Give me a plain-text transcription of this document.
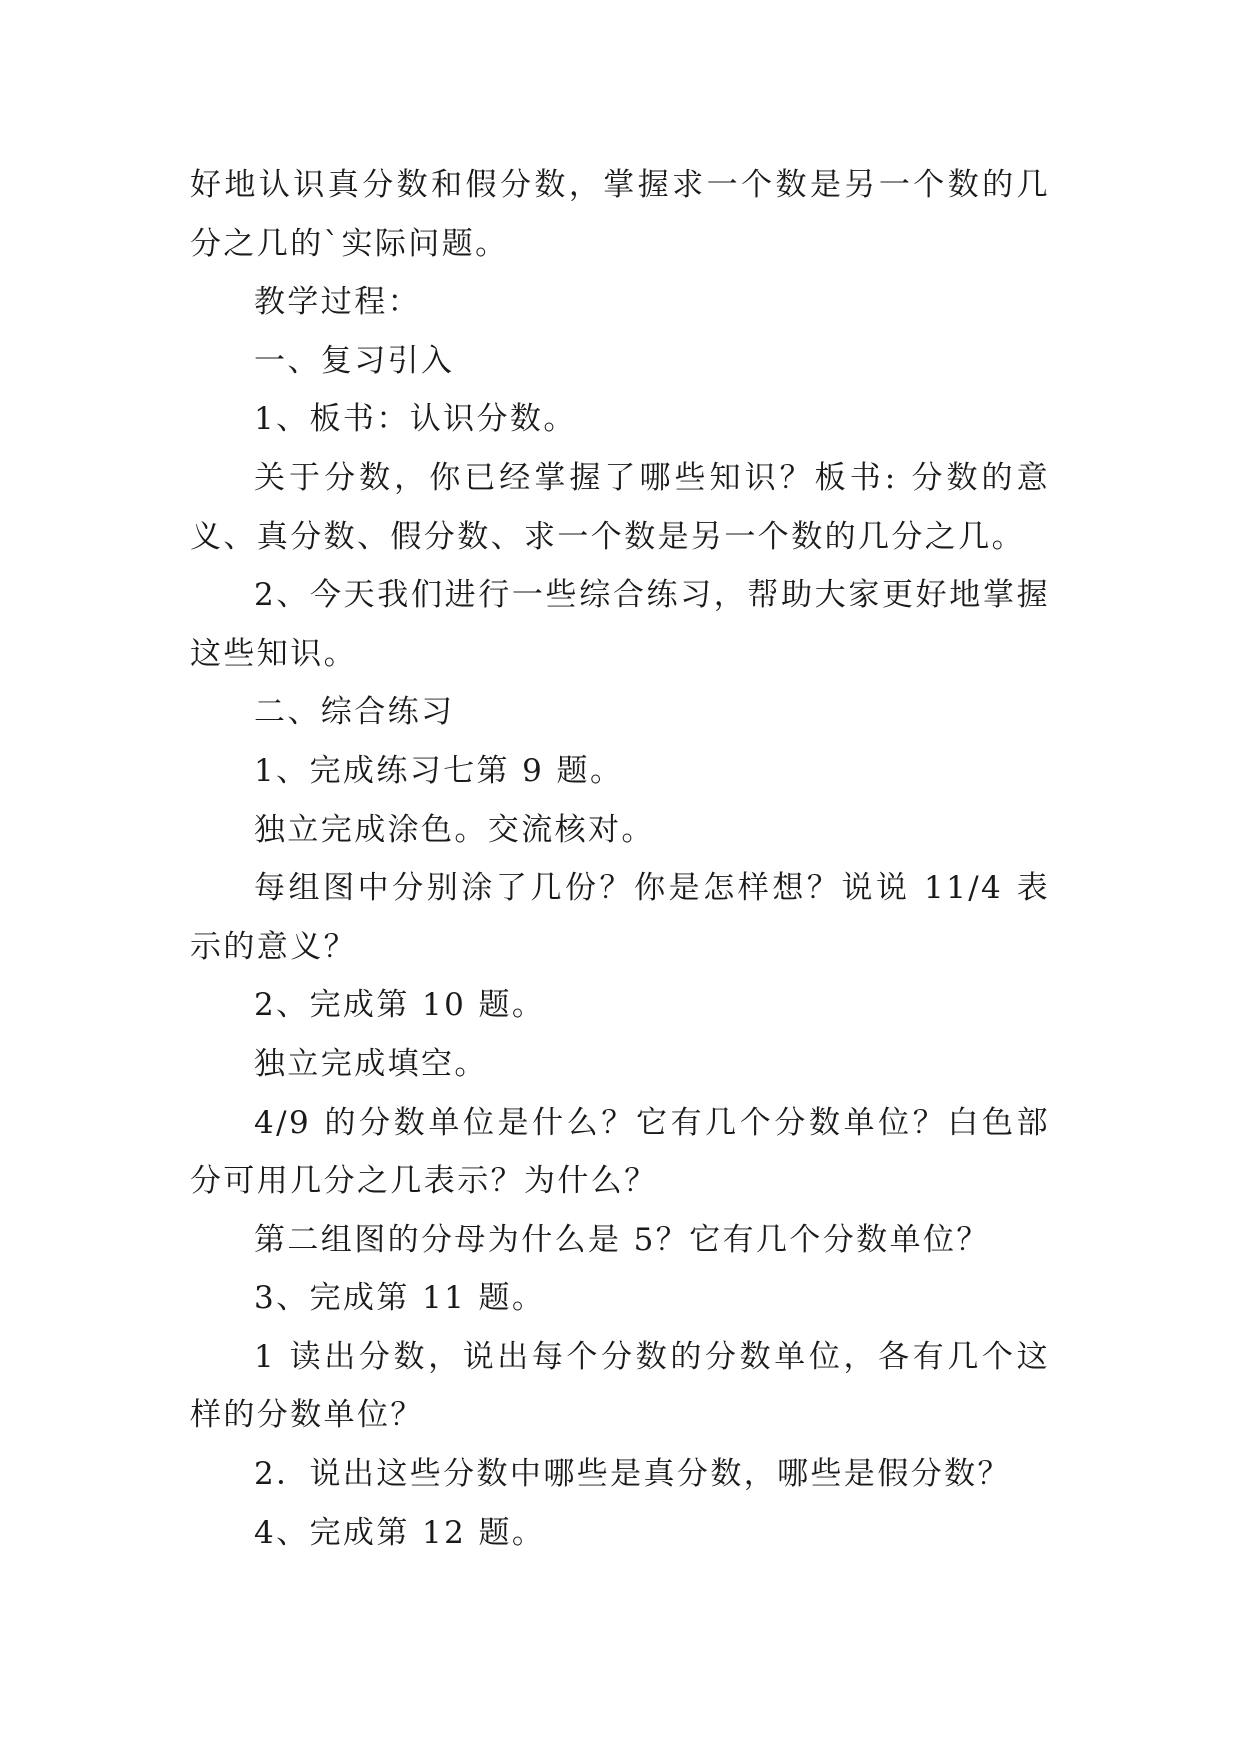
好地认识真分数和假分数，掌握求一个数是另一个数的几分之几的`实际问题。

教学过程：

一、复习引入

1、板书：认识分数。

关于分数，你已经掌握了哪些知识？板书: 分数的意义、真分数、假分数、求一个数是另一个数的几分之几。

2、今天我们进行一些综合练习，帮助大家更好地掌握这些知识。

二、综合练习

1、完成练习七第 9 题。

独立完成涂色。交流核对。

每组图中分别涂了几份？你是怎样想？说说 11/4 表示的意义？

2、完成第 10 题。

独立完成填空。

4/9 的分数单位是什么？它有几个分数单位？白色部分可用几分之几表示？为什么？

第二组图的分母为什么是 5？它有几个分数单位？

3、完成第 11 题。

1 读出分数，说出每个分数的分数单位，各有几个这样的分数单位？

2．说出这些分数中哪些是真分数，哪些是假分数？

4、完成第 12 题。
